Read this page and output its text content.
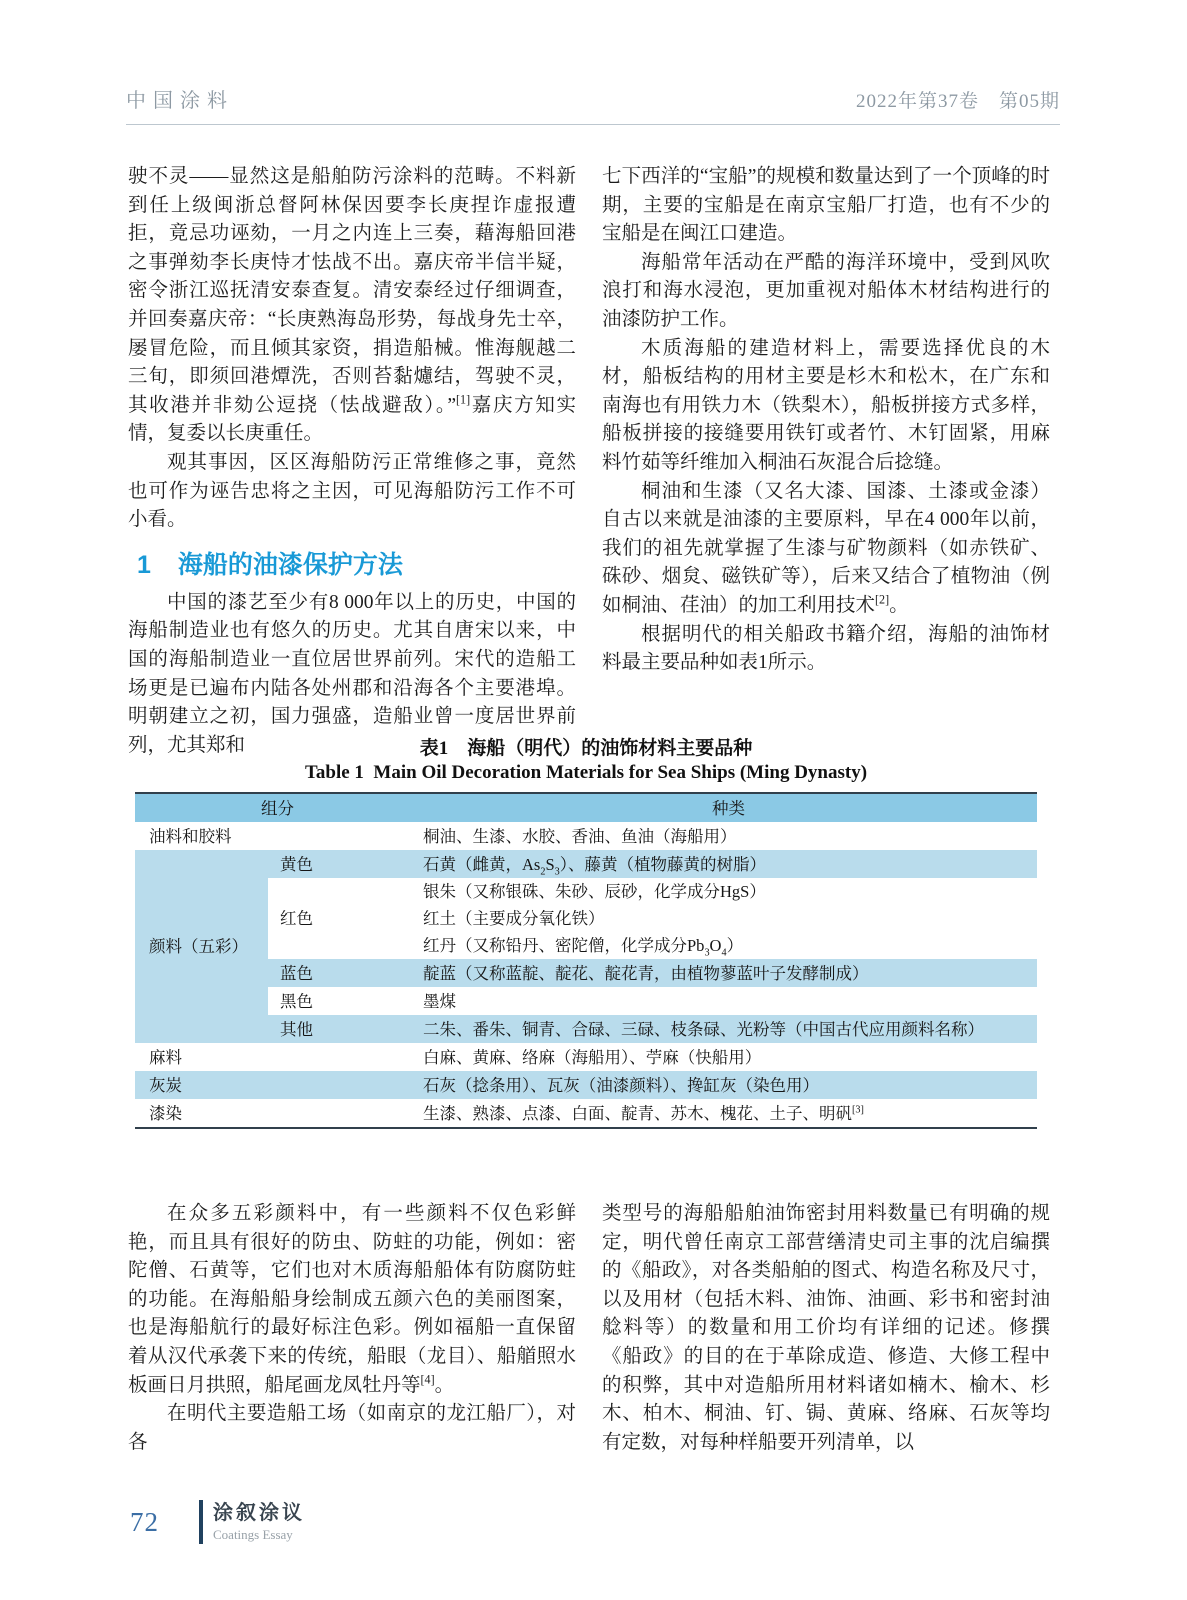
中国涂料	2022年第37卷　第05期

驶不灵——显然这是船舶防污涂料的范畴。不料新到任上级闽浙总督阿林保因要李长庚捏诈虚报遭拒，竟忌功诬劾，一月之内连上三奏，藉海船回港之事弹劾李长庚恃才怯战不出。嘉庆帝半信半疑，密令浙江巡抚清安泰查复。清安泰经过仔细调查，并回奏嘉庆帝：“长庚熟海岛形势，每战身先士卒，屡冒危险，而且倾其家资，捐造船械。惟海舰越二三旬，即须回港燂洗，否则苔黏爈结，驾驶不灵，其收港并非劾公逗挠（怯战避敌）。”[1]嘉庆方知实情，复委以长庚重任。

观其事因，区区海船防污正常维修之事，竟然也可作为诬告忠将之主因，可见海船防污工作不可小看。

1 海船的油漆保护方法

中国的漆艺至少有8 000年以上的历史，中国的海船制造业也有悠久的历史。尤其自唐宋以来，中国的海船制造业一直位居世界前列。宋代的造船工场更是已遍布内陆各处州郡和沿海各个主要港埠。明朝建立之初，国力强盛，造船业曾一度居世界前列，尤其郑和

七下西洋的“宝船”的规模和数量达到了一个顶峰的时期，主要的宝船是在南京宝船厂打造，也有不少的宝船是在闽江口建造。

海船常年活动在严酷的海洋环境中，受到风吹浪打和海水浸泡，更加重视对船体木材结构进行的油漆防护工作。

木质海船的建造材料上，需要选择优良的木材，船板结构的用材主要是杉木和松木，在广东和南海也有用铁力木（铁梨木），船板拼接方式多样，船板拼接的接缝要用铁钉或者竹、木钉固紧，用麻料竹茹等纤维加入桐油石灰混合后捻缝。

桐油和生漆（又名大漆、国漆、土漆或金漆）自古以来就是油漆的主要原料，早在4 000年以前，我们的祖先就掌握了生漆与矿物颜料（如赤铁矿、硃砂、烟炱、磁铁矿等），后来又结合了植物油（例如桐油、荏油）的加工利用技术[2]。

根据明代的相关船政书籍介绍，海船的油饰材料最主要品种如表1所示。

表1　海船（明代）的油饰材料主要品种
Table 1  Main Oil Decoration Materials for Sea Ships (Ming Dynasty)
组分		种类
油料和胶料		桐油、生漆、水胶、香油、鱼油（海船用）
颜料（五彩）	黄色	石黄（雌黄，$As_2S_3$）、藤黄（植物藤黄的树脂）
	红色	银朱（又称银硃、朱砂、辰砂，化学成分HgS）
红土（主要成分氧化铁）
红丹（又称铅丹、密陀僧，化学成分$Pb_3O_4$）

	蓝色	靛蓝（又称蓝靛、靛花、靛花青，由植物蓼蓝叶子发酵制成）
	黑色	墨煤
	其他	二朱、番朱、铜青、合碌、三碌、枝条碌、光粉等（中国古代应用颜料名称）
麻料		白麻、黄麻、络麻（海船用）、苧麻（快船用）
灰炭		石灰（捻条用）、瓦灰（油漆颜料）、搀缸灰（染色用）
漆染		生漆、熟漆、点漆、白面、靛青、苏木、槐花、土子、明矾[3]

在众多五彩颜料中，有一些颜料不仅色彩鲜艳，而且具有很好的防虫、防蛀的功能，例如：密陀僧、石黄等，它们也对木质海船船体有防腐防蛀的功能。在海船船身绘制成五颜六色的美丽图案，也是海船航行的最好标注色彩。例如福船一直保留着从汉代承袭下来的传统，船眼（龙目）、船艏照水板画日月拱照，船尾画龙凤牡丹等[4]。

在明代主要造船工场（如南京的龙江船厂），对各

类型号的海船船舶油饰密封用料数量已有明确的规定，明代曾任南京工部营缮清史司主事的沈启编撰的《船政》，对各类船舶的图式、构造名称及尺寸，以及用材（包括木料、油饰、油画、彩书和密封油艌料等）的数量和用工价均有详细的记述。修撰《船政》的目的在于革除成造、修造、大修工程中的积弊，其中对造船所用材料诸如楠木、榆木、杉木、柏木、桐油、钉、锔、黄麻、络麻、石灰等均有定数，对每种样船要开列清单，以

72	涂叙涂议
Coatings Essay
